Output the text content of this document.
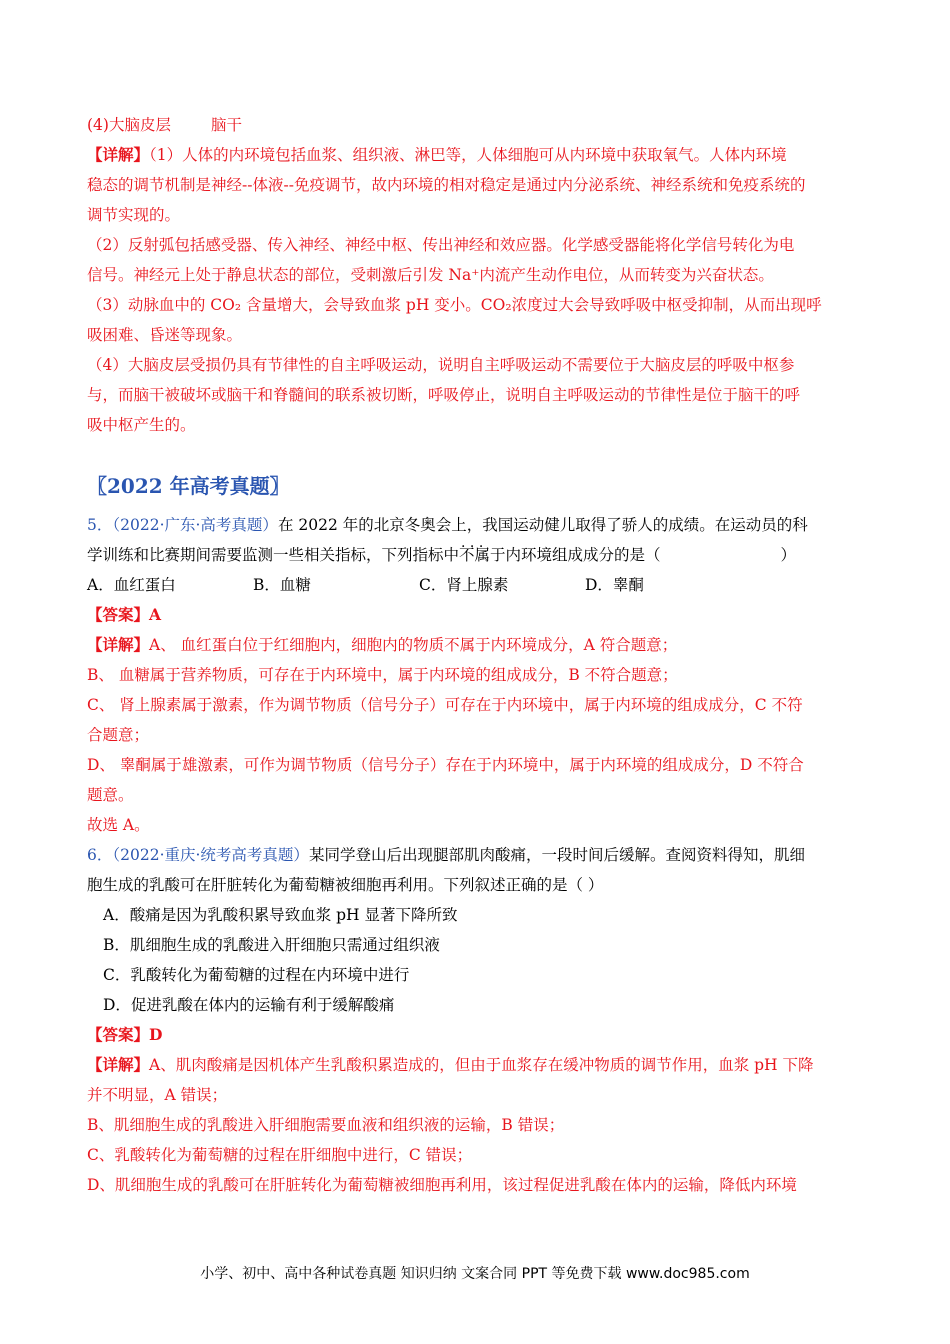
(4)大脑皮层	脑干
【详解】（1）人体的内环境包括血浆、组织液、淋巴等，人体细胞可从内环境中获取氧气。人体内环境
稳态的调节机制是神经--体液--免疫调节，故内环境的相对稳定是通过内分泌系统、神经系统和免疫系统的
调节实现的。
（2）反射弧包括感受器、传入神经、神经中枢、传出神经和效应器。化学感受器能将化学信号转化为电
信号。神经元上处于静息状态的部位，受刺激后引发 Na⁺内流产生动作电位，从而转变为兴奋状态。
（3）动脉血中的 CO₂ 含量增大，会导致血浆 pH 变小。CO₂浓度过大会导致呼吸中枢受抑制，从而出现呼
吸困难、昏迷等现象。
（4）大脑皮层受损仍具有节律性的自主呼吸运动，说明自主呼吸运动不需要位于大脑皮层的呼吸中枢参
与，而脑干被破坏或脑干和脊髓间的联系被切断，呼吸停止，说明自主呼吸运动的节律性是位于脑干的呼
吸中枢产生的。
〖2022 年高考真题〗
5．（2022·广东·高考真题）在 2022 年的北京冬奥会上，我国运动健儿取得了骄人的成绩。在运动员的科
学训练和比赛期间需要监测一些相关指标，下列指标中· · · 不属于内环境组成成分的是（	）
A．血红蛋白	B．血糖	C．肾上腺素	D．睾酮
【答案】A
【详解】A、 血红蛋白位于红细胞内，细胞内的物质不属于内环境成分，A 符合题意；
B、 血糖属于营养物质，可存在于内环境中，属于内环境的组成成分，B 不符合题意；
C、 肾上腺素属于激素，作为调节物质（信号分子）可存在于内环境中，属于内环境的组成成分，C 不符
合题意；
D、 睾酮属于雄激素，可作为调节物质（信号分子）存在于内环境中，属于内环境的组成成分，D 不符合
题意。
故选 A。
6．（2022·重庆·统考高考真题）某同学登山后出现腿部肌肉酸痛，一段时间后缓解。查阅资料得知，肌细
胞生成的乳酸可在肝脏转化为葡萄糖被细胞再利用。下列叙述正确的是（ ）
A．酸痛是因为乳酸积累导致血浆 pH 显著下降所致
B．肌细胞生成的乳酸进入肝细胞只需通过组织液
C．乳酸转化为葡萄糖的过程在内环境中进行
D．促进乳酸在体内的运输有利于缓解酸痛
【答案】D
【详解】A、肌肉酸痛是因机体产生乳酸积累造成的，但由于血浆存在缓冲物质的调节作用，血浆 pH 下降
并不明显，A 错误；
B、肌细胞生成的乳酸进入肝细胞需要血液和组织液的运输，B 错误；
C、乳酸转化为葡萄糖的过程在肝细胞中进行，C 错误；
D、肌细胞生成的乳酸可在肝脏转化为葡萄糖被细胞再利用，该过程促进乳酸在体内的运输，降低内环境
小学、初中、高中各种试卷真题 知识归纳 文案合同 PPT 等免费下载 www.doc985.com
